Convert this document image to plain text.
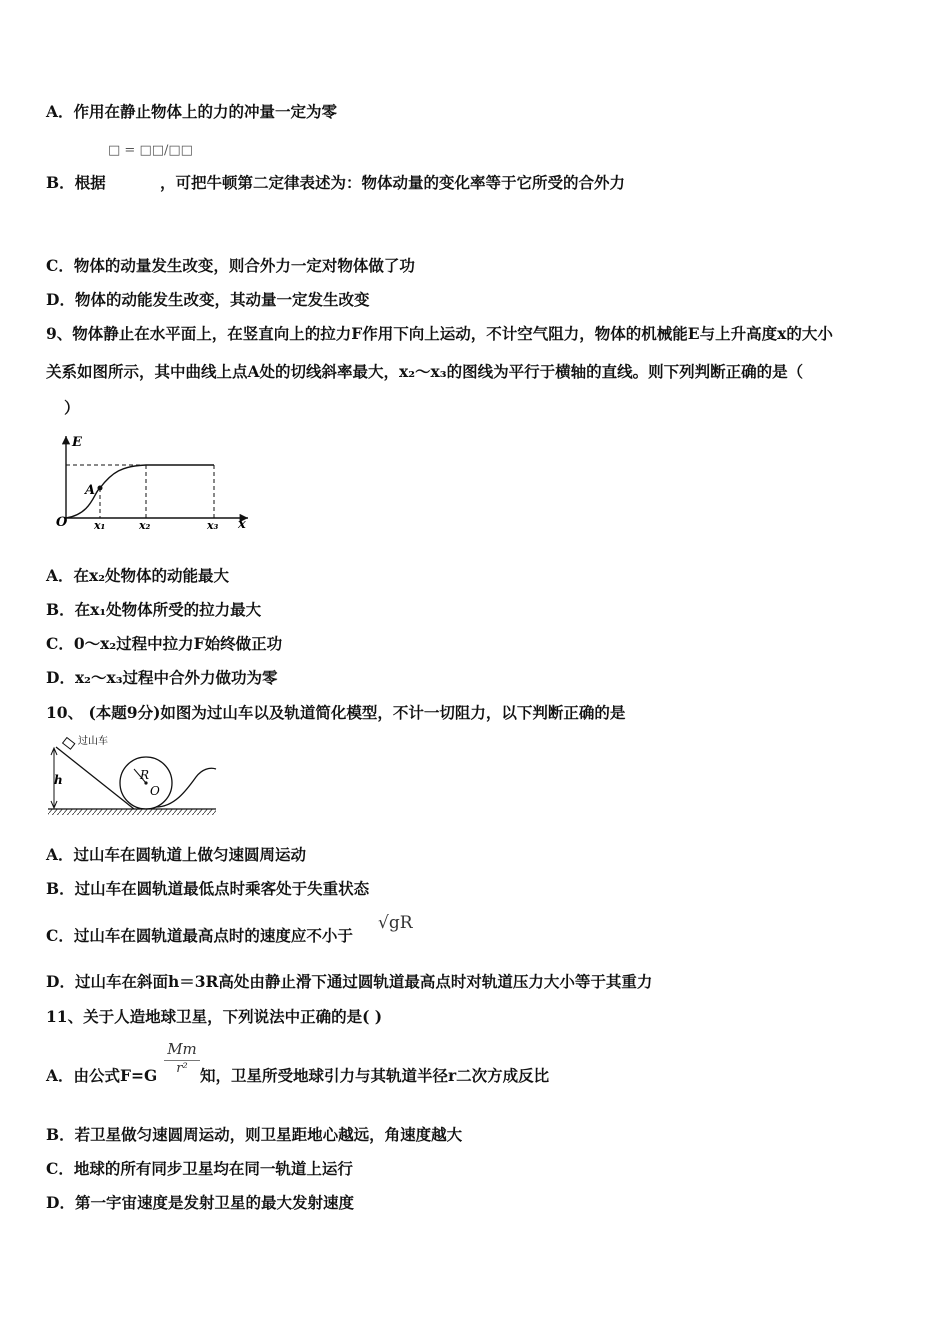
A．作用在静止物体上的力的冲量一定为零
□ = □□/□□
B．根据	，可把牛顿第二定律表述为：物体动量的变化率等于它所受的合外力
C．物体的动量发生改变，则合外力一定对物体做了功
D．物体的动能发生改变，其动量一定发生改变
9、物体静止在水平面上，在竖直向上的拉力F作用下向上运动，不计空气阻力，物体的机械能E与上升高度x的大小
关系如图所示，其中曲线上点A处的切线斜率最大，x₂～x₃的图线为平行于横轴的直线。则下列判断正确的是（
）
E
x
O
A
x₁	x₂	x₃
A．在x₂处物体的动能最大
B．在x₁处物体所受的拉力最大
C．0～x₂过程中拉力F始终做正功
D．x₂～x₃过程中合外力做功为零
10、 (本题9分)如图为过山车以及轨道简化模型，不计一切阻力，以下判断正确的是
过山车
h	R
O
A．过山车在圆轨道上做匀速圆周运动
B．过山车在圆轨道最低点时乘客处于失重状态
C．过山车在圆轨道最高点时的速度应不小于
√gR
D．过山车在斜面h＝3R高处由静止滑下通过圆轨道最高点时对轨道压力大小等于其重力
11、关于人造地球卫星，下列说法中正确的是( )
A．由公式$F=G \frac{Mm}{\text{r²}}$ 知，卫星所受地球引力与其轨道半径r二次方成反比
B．若卫星做匀速圆周运动，则卫星距地心越远，角速度越大
C．地球的所有同步卫星均在同一轨道上运行
D．第一宇宙速度是发射卫星的最大发射速度
